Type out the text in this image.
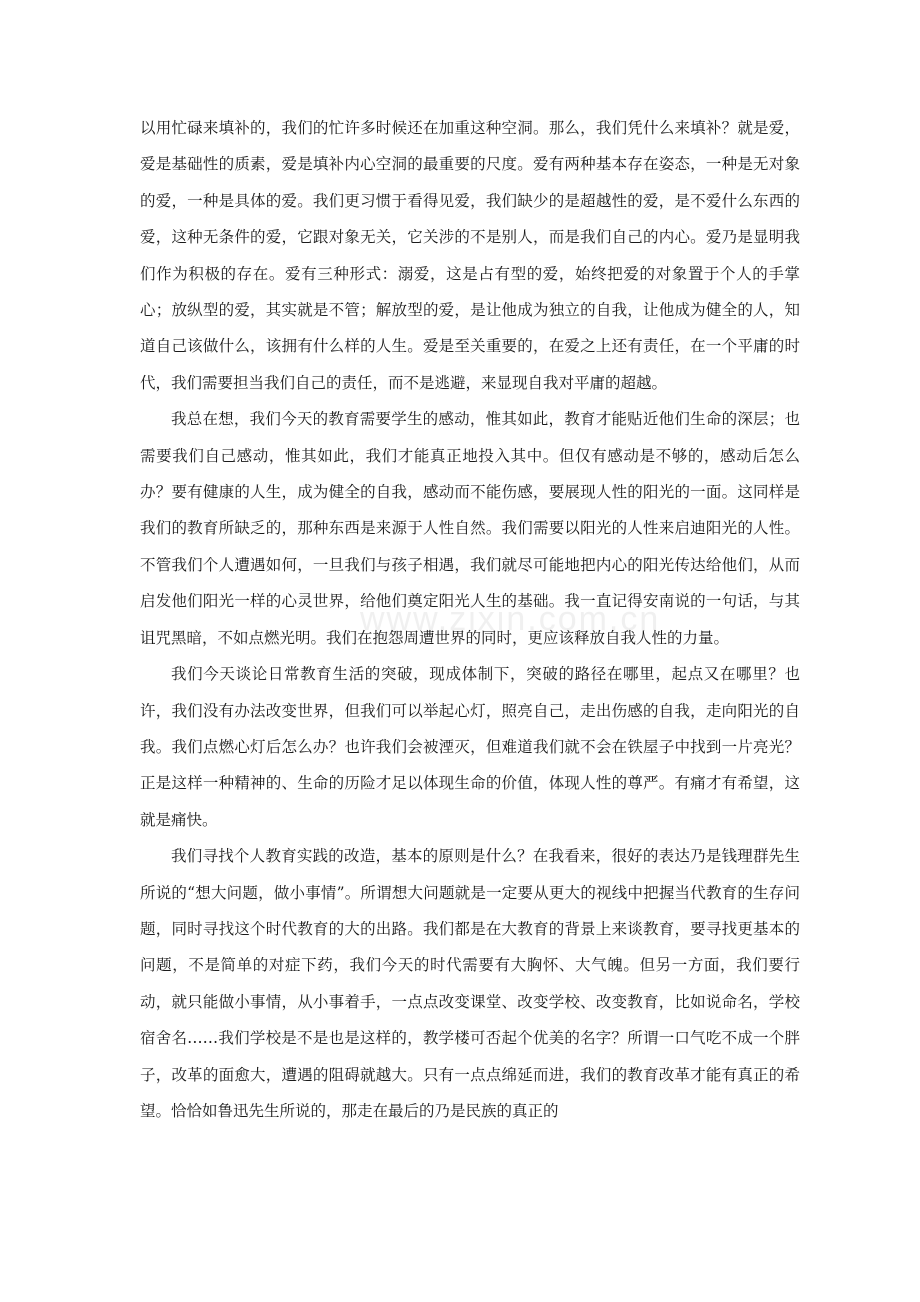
www.zixin.com.cn

以用忙碌来填补的，我们的忙许多时候还在加重这种空洞。那么，我们凭什么来填补？就是爱，爱是基础性的质素，爱是填补内心空洞的最重要的尺度。爱有两种基本存在姿态，一种是无对象的爱，一种是具体的爱。我们更习惯于看得见爱，我们缺少的是超越性的爱，是不爱什么东西的爱，这种无条件的爱，它跟对象无关，它关涉的不是别人，而是我们自己的内心。爱乃是显明我们作为积极的存在。爱有三种形式：溺爱，这是占有型的爱，始终把爱的对象置于个人的手掌心；放纵型的爱，其实就是不管；解放型的爱，是让他成为独立的自我，让他成为健全的人，知道自己该做什么，该拥有什么样的人生。爱是至关重要的，在爱之上还有责任，在一个平庸的时代，我们需要担当我们自己的责任，而不是逃避，来显现自我对平庸的超越。

我总在想，我们今天的教育需要学生的感动，惟其如此，教育才能贴近他们生命的深层；也需要我们自己感动，惟其如此，我们才能真正地投入其中。但仅有感动是不够的，感动后怎么办？要有健康的人生，成为健全的自我，感动而不能伤感，要展现人性的阳光的一面。这同样是我们的教育所缺乏的，那种东西是来源于人性自然。我们需要以阳光的人性来启迪阳光的人性。不管我们个人遭遇如何，一旦我们与孩子相遇，我们就尽可能地把内心的阳光传达给他们，从而启发他们阳光一样的心灵世界，给他们奠定阳光人生的基础。我一直记得安南说的一句话，与其诅咒黑暗，不如点燃光明。我们在抱怨周遭世界的同时，更应该释放自我人性的力量。

我们今天谈论日常教育生活的突破，现成体制下，突破的路径在哪里，起点又在哪里？也许，我们没有办法改变世界，但我们可以举起心灯，照亮自己，走出伤感的自我，走向阳光的自我。我们点燃心灯后怎么办？也许我们会被湮灭，但难道我们就不会在铁屋子中找到一片亮光？正是这样一种精神的、生命的历险才足以体现生命的价值，体现人性的尊严。有痛才有希望，这就是痛快。

我们寻找个人教育实践的改造，基本的原则是什么？在我看来，很好的表达乃是钱理群先生所说的“想大问题，做小事情”。所谓想大问题就是一定要从更大的视线中把握当代教育的生存问题，同时寻找这个时代教育的大的出路。我们都是在大教育的背景上来谈教育，要寻找更基本的问题，不是简单的对症下药，我们今天的时代需要有大胸怀、大气魄。但另一方面，我们要行动，就只能做小事情，从小事着手，一点点改变课堂、改变学校、改变教育，比如说命名，学校宿舍名……我们学校是不是也是这样的，教学楼可否起个优美的名字？所谓一口气吃不成一个胖子，改革的面愈大，遭遇的阻碍就越大。只有一点点绵延而进，我们的教育改革才能有真正的希望。恰恰如鲁迅先生所说的，那走在最后的乃是民族的真正的
